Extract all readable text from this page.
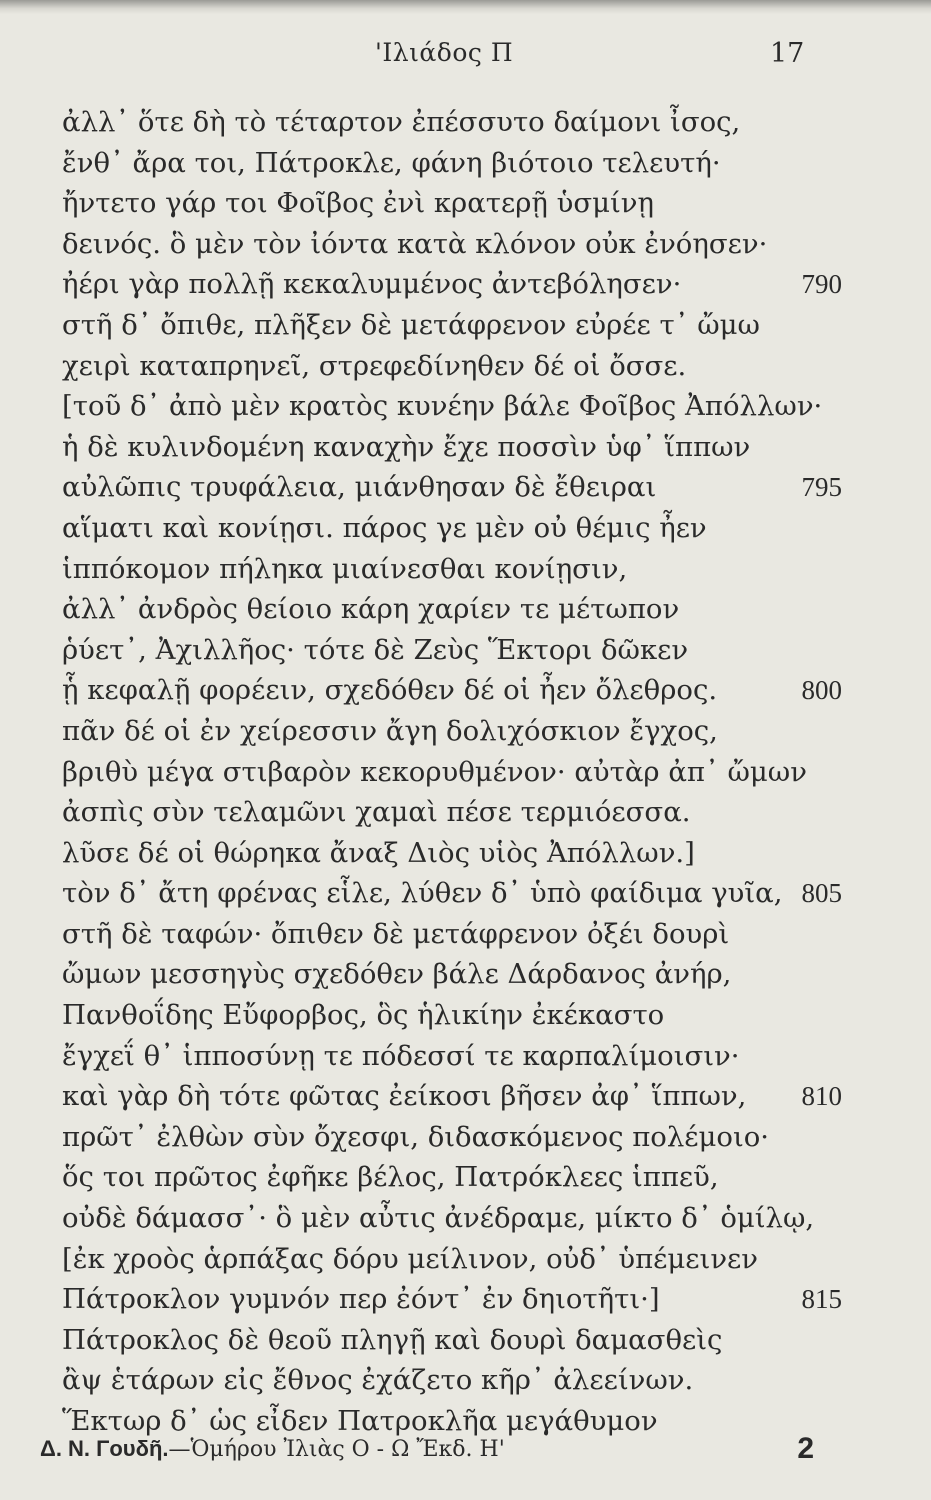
'Ιλιάδος Π	17
ἀλλ᾽ ὅτε δὴ τὸ τέταρτον ἐπέσσυτο δαίμονι ἶσος,
ἔνθ᾽ ἄρα τοι, Πάτροκλε, φάνη βιότοιο τελευτή·
ἤντετο γάρ τοι Φοῖβος ἐνὶ κρατερῇ ὑσμίνῃ
δεινός. ὃ μὲν τὸν ἰόντα κατὰ κλόνον οὐκ ἐνόησεν·
ἠέρι γὰρ πολλῇ κεκαλυμμένος ἀντεβόλησεν·	790
στῆ δ᾽ ὄπιθε, πλῆξεν δὲ μετάφρενον εὐρέε τ᾽ ὤμω
χειρὶ καταπρηνεῖ, στρεφεδίνηθεν δέ οἱ ὄσσε.
[τοῦ δ᾽ ἀπὸ μὲν κρατὸς κυνέην βάλε Φοῖβος Ἀπόλλων·
ἡ δὲ κυλινδομένη καναχὴν ἔχε ποσσὶν ὑφ᾽ ἵππων
αὐλῶπις τρυφάλεια, μιάνθησαν δὲ ἔθειραι	795
αἵματι καὶ κονίῃσι. πάρος γε μὲν οὐ θέμις ἦεν
ἱππόκομον πήληκα μιαίνεσθαι κονίῃσιν,
ἀλλ᾽ ἀνδρὸς θείοιο κάρη χαρίεν τε μέτωπον
ῥύετ᾽, Ἀχιλλῆος· τότε δὲ Ζεὺς Ἕκτορι δῶκεν
ᾗ κεφαλῇ φορέειν, σχεδόθεν δέ οἱ ἦεν ὄλεθρος.	800
πᾶν δέ οἱ ἐν χείρεσσιν ἄγη δολιχόσκιον ἔγχος,
βριθὺ μέγα στιβαρὸν κεκορυθμένον· αὐτὰρ ἀπ᾽ ὤμων
ἀσπὶς σὺν τελαμῶνι χαμαὶ πέσε τερμιόεσσα.
λῦσε δέ οἱ θώρηκα ἄναξ Διὸς υἱὸς Ἀπόλλων.]
τὸν δ᾽ ἄτη φρένας εἷλε, λύθεν δ᾽ ὑπὸ φαίδιμα γυῖα, 805
στῆ δὲ ταφών· ὄπιθεν δὲ μετάφρενον ὀξέι δουρὶ
ὤμων μεσσηγὺς σχεδόθεν βάλε Δάρδανος ἀνήρ,
Πανθοΐδης Εὔφορβος, ὃς ἡλικίην ἐκέκαστο
ἔγχεΐ θ᾽ ἱπποσύνῃ τε πόδεσσί τε καρπαλίμοισιν·
καὶ γὰρ δὴ τότε φῶτας ἐείκοσι βῆσεν ἀφ᾽ ἵππων, 810
πρῶτ᾽ ἐλθὼν σὺν ὄχεσφι, διδασκόμενος πολέμοιο·
ὅς τοι πρῶτος ἐφῆκε βέλος, Πατρόκλεες ἱππεῦ,
οὐδὲ δάμασσ᾽· ὃ μὲν αὖτις ἀνέδραμε, μίκτο δ᾽ ὁμίλῳ,
[ἐκ χροὸς ἁρπάξας δόρυ μείλινον, οὐδ᾽ ὑπέμεινεν
Πάτροκλον γυμνόν περ ἐόντ᾽ ἐν δηιοτῆτι·]	815
Πάτροκλος δὲ θεοῦ πληγῇ καὶ δουρὶ δαμασθεὶς
ἂψ ἑτάρων εἰς ἔθνος ἐχάζετο κῆρ᾽ ἀλεείνων.
Ἕκτωρ δ᾽ ὡς εἶδεν Πατροκλῆα μεγάθυμον
Δ. Ν. Γουδῆ.—Ὁμήρου Ἰλιὰς Ο - Ω Ἔκδ. Η'	2
